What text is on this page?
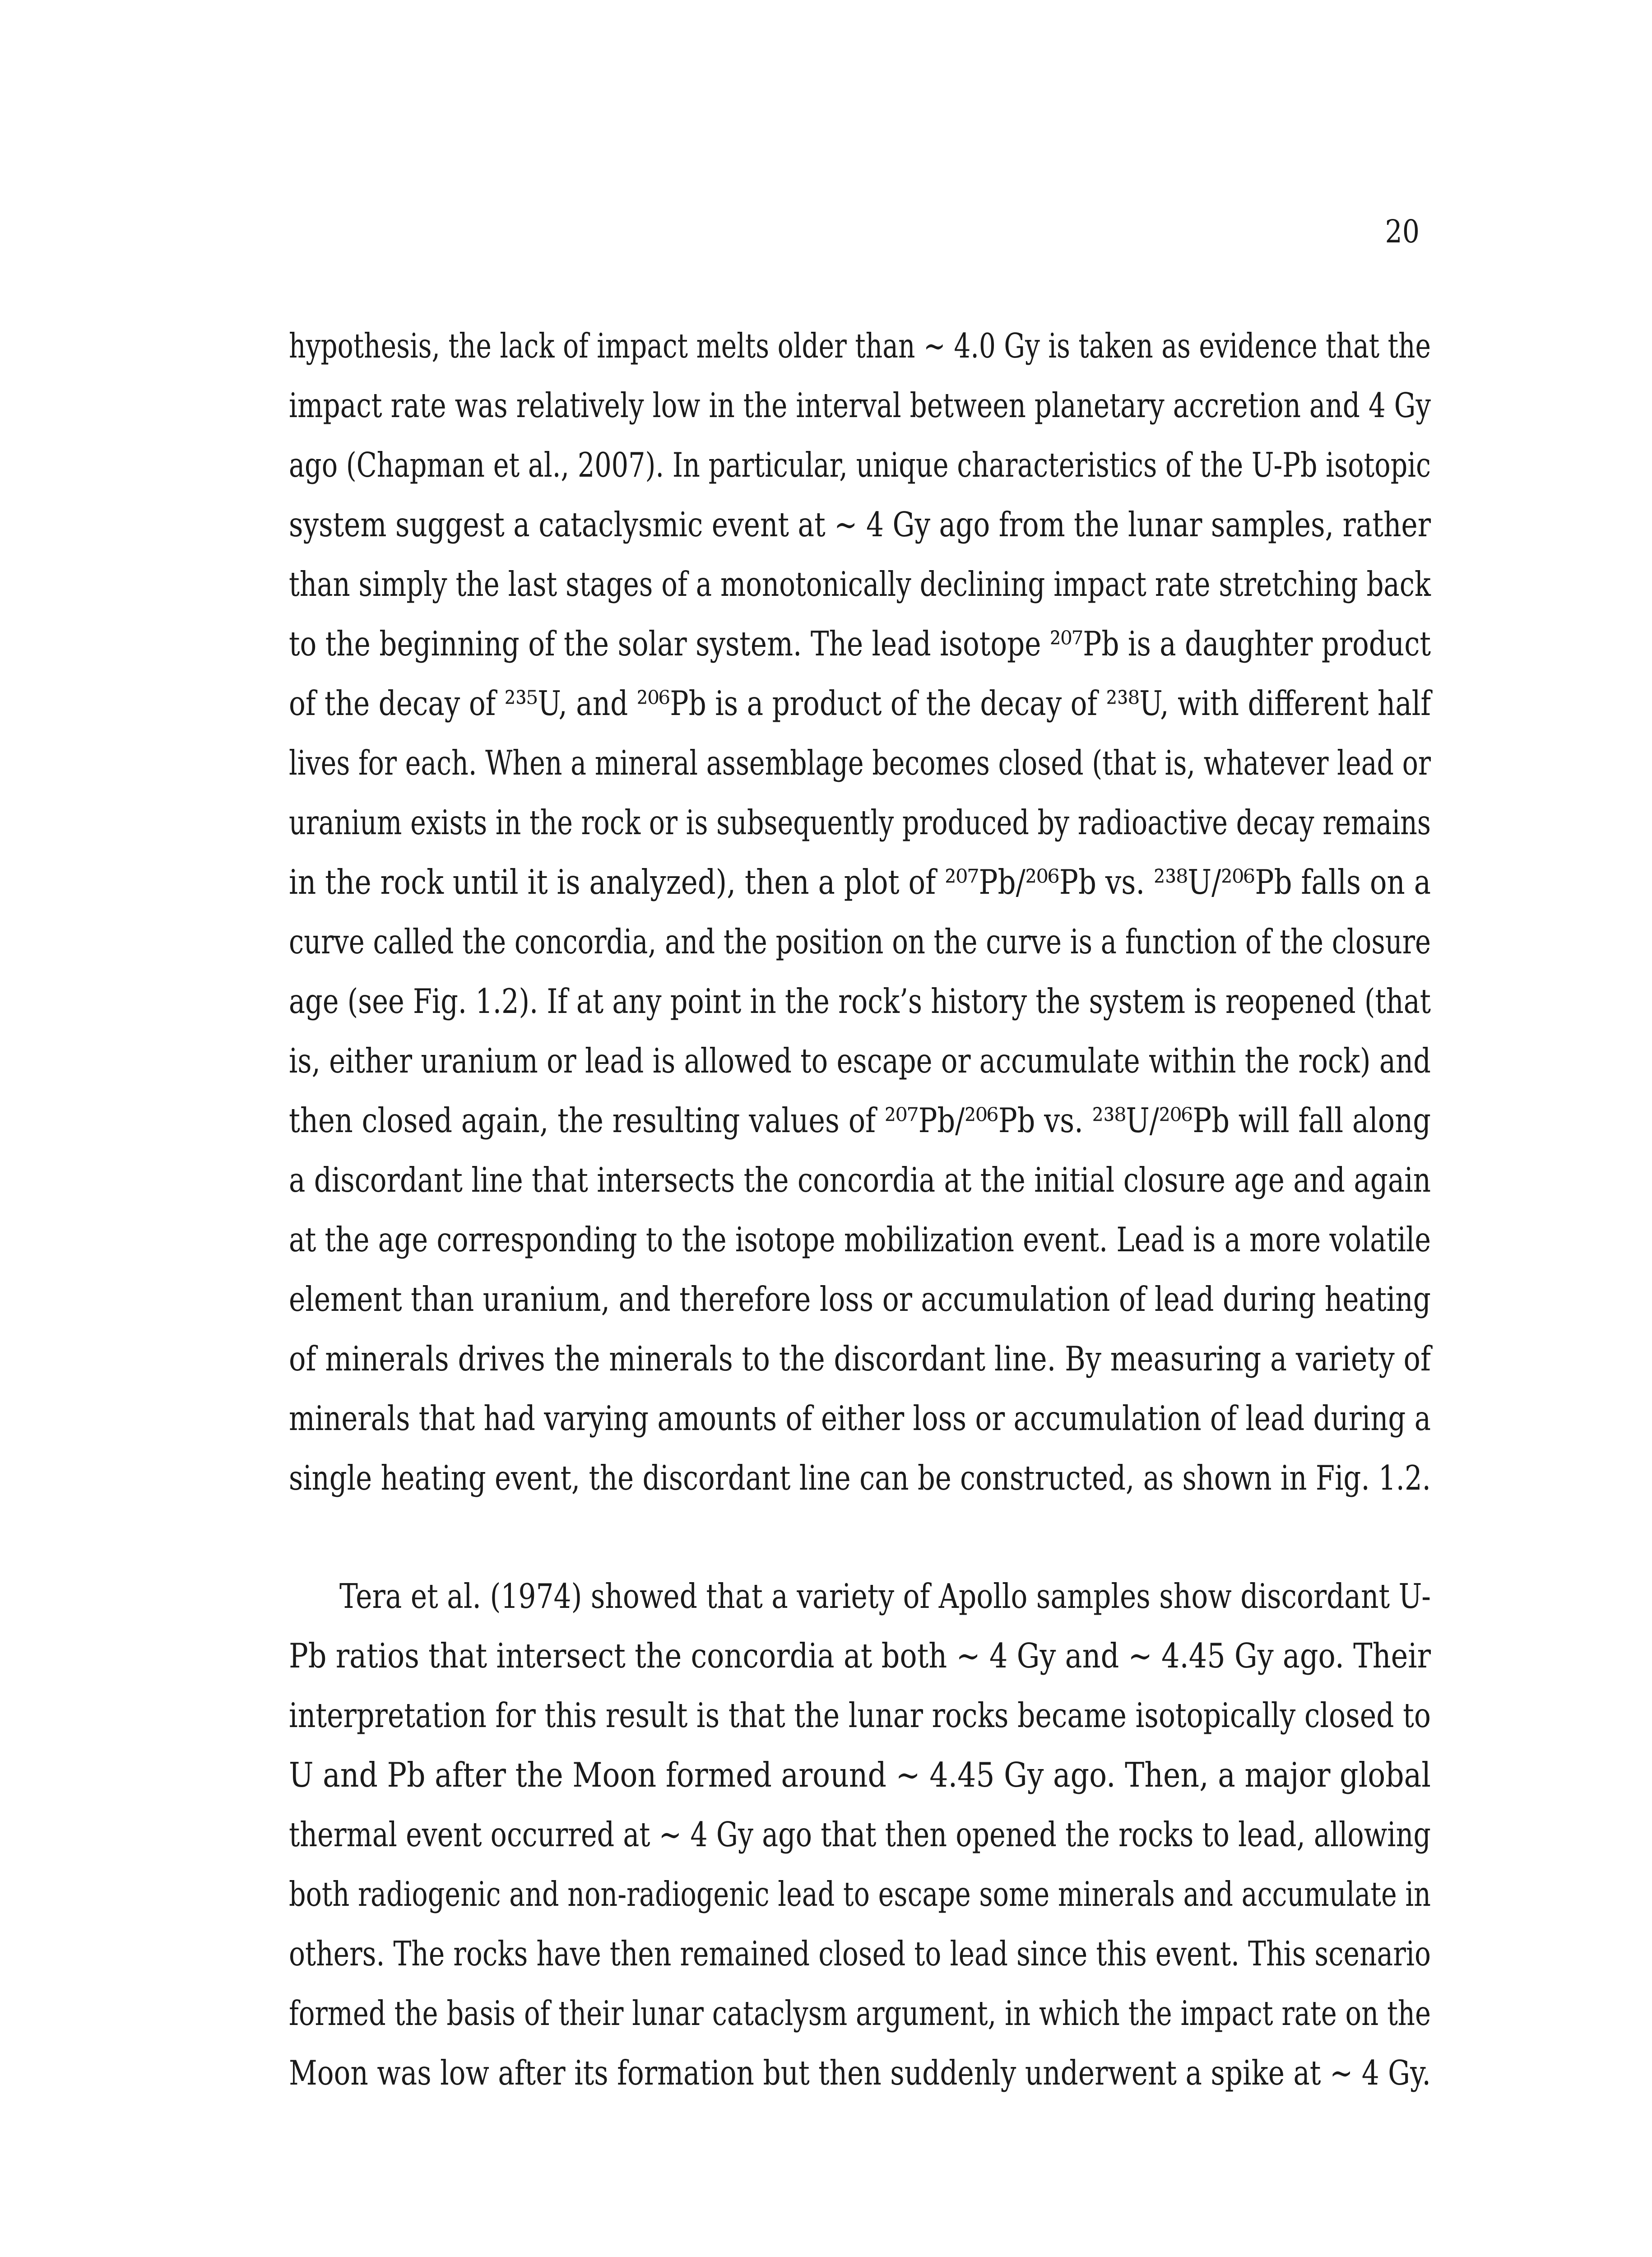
20
hypothesis, the lack of impact melts older than ∼ 4.0 Gy is taken as evidence that the
impact rate was relatively low in the interval between planetary accretion and 4 Gy
ago (Chapman et al., 2007). In particular, unique characteristics of the U-Pb isotopic
system suggest a cataclysmic event at ∼ 4 Gy ago from the lunar samples, rather
than simply the last stages of a monotonically declining impact rate stretching back
to the beginning of the solar system. The lead isotope ²⁰⁷Pb is a daughter product
of the decay of ²³⁵U, and ²⁰⁶Pb is a product of the decay of ²³⁸U, with different half
lives for each. When a mineral assemblage becomes closed (that is, whatever lead or
uranium exists in the rock or is subsequently produced by radioactive decay remains
in the rock until it is analyzed), then a plot of ²⁰⁷Pb/²⁰⁶Pb vs. ²³⁸U/²⁰⁶Pb falls on a
curve called the concordia, and the position on the curve is a function of the closure
age (see Fig. 1.2). If at any point in the rock’s history the system is reopened (that
is, either uranium or lead is allowed to escape or accumulate within the rock) and
then closed again, the resulting values of ²⁰⁷Pb/²⁰⁶Pb vs. ²³⁸U/²⁰⁶Pb will fall along
a discordant line that intersects the concordia at the initial closure age and again
at the age corresponding to the isotope mobilization event. Lead is a more volatile
element than uranium, and therefore loss or accumulation of lead during heating
of minerals drives the minerals to the discordant line. By measuring a variety of
minerals that had varying amounts of either loss or accumulation of lead during a
single heating event, the discordant line can be constructed, as shown in Fig. 1.2.
Tera et al. (1974) showed that a variety of Apollo samples show discordant U-
Pb ratios that intersect the concordia at both ∼ 4 Gy and ∼ 4.45 Gy ago. Their
interpretation for this result is that the lunar rocks became isotopically closed to
U and Pb after the Moon formed around ∼ 4.45 Gy ago. Then, a major global
thermal event occurred at ∼ 4 Gy ago that then opened the rocks to lead, allowing
both radiogenic and non-radiogenic lead to escape some minerals and accumulate in
others. The rocks have then remained closed to lead since this event. This scenario
formed the basis of their lunar cataclysm argument, in which the impact rate on the
Moon was low after its formation but then suddenly underwent a spike at ∼ 4 Gy.
